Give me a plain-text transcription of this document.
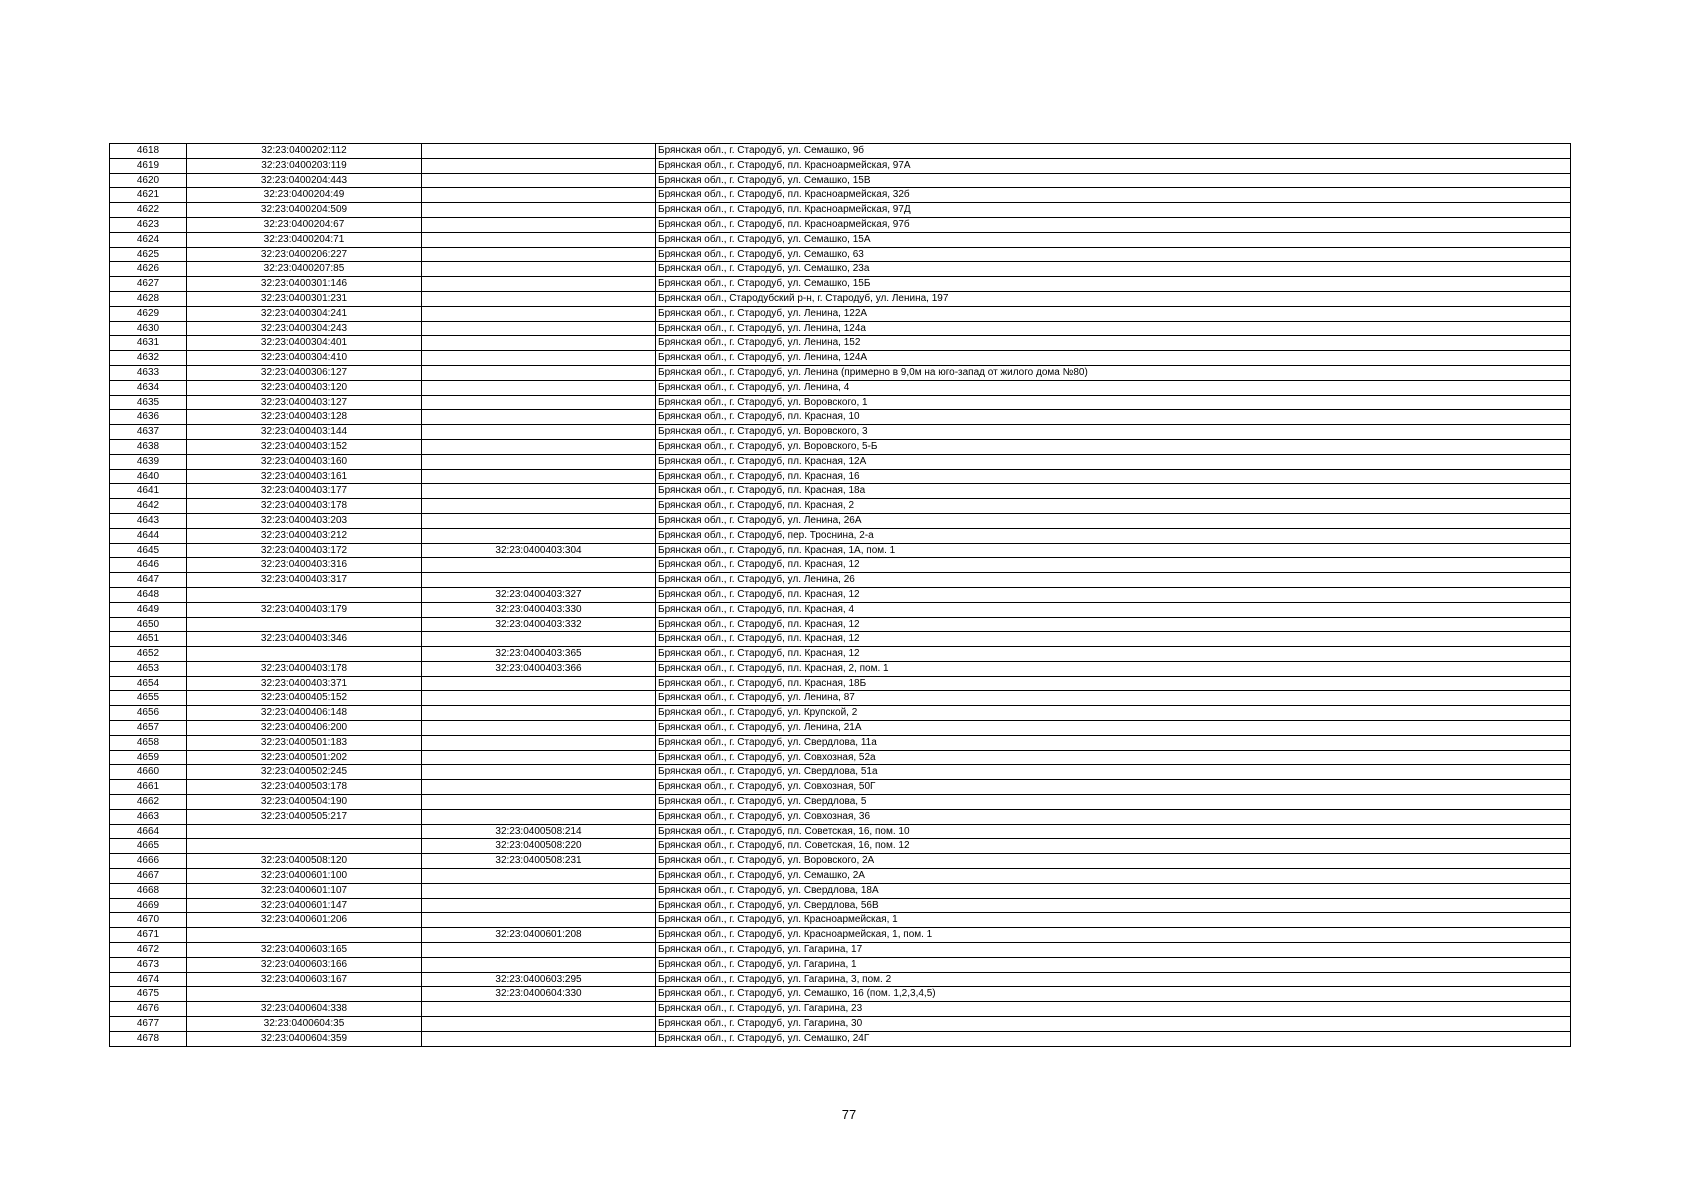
4618	32:23:0400202:112		Брянская обл., г. Стародуб, ул. Семашко, 9б
4619	32:23:0400203:119		Брянская обл., г. Стародуб, пл. Красноармейская, 97А
4620	32:23:0400204:443		Брянская обл., г. Стародуб, ул. Семашко, 15В
4621	32:23:0400204:49		Брянская обл., г. Стародуб, пл. Красноармейская, 32б
4622	32:23:0400204:509		Брянская обл., г. Стародуб, пл. Красноармейская, 97Д
4623	32:23:0400204:67		Брянская обл., г. Стародуб, пл. Красноармейская, 97б
4624	32:23:0400204:71		Брянская обл., г. Стародуб, ул. Семашко, 15А
4625	32:23:0400206:227		Брянская обл., г. Стародуб, ул. Семашко, 63
4626	32:23:0400207:85		Брянская обл., г. Стародуб, ул. Семашко, 23а
4627	32:23:0400301:146		Брянская обл., г. Стародуб, ул. Семашко, 15Б
4628	32:23:0400301:231		Брянская обл., Стародубский р-н, г. Стародуб, ул. Ленина, 197
4629	32:23:0400304:241		Брянская обл., г. Стародуб, ул. Ленина, 122А
4630	32:23:0400304:243		Брянская обл., г. Стародуб, ул. Ленина, 124а
4631	32:23:0400304:401		Брянская обл., г. Стародуб, ул. Ленина, 152
4632	32:23:0400304:410		Брянская обл., г. Стародуб, ул. Ленина, 124А
4633	32:23:0400306:127		Брянская обл., г. Стародуб, ул. Ленина (примерно в 9,0м на юго-запад от жилого дома №80)
4634	32:23:0400403:120		Брянская обл., г. Стародуб, ул. Ленина, 4
4635	32:23:0400403:127		Брянская обл., г. Стародуб, ул. Воровского, 1
4636	32:23:0400403:128		Брянская обл., г. Стародуб, пл. Красная, 10
4637	32:23:0400403:144		Брянская обл., г. Стародуб, ул. Воровского, 3
4638	32:23:0400403:152		Брянская обл., г. Стародуб, ул. Воровского, 5-Б
4639	32:23:0400403:160		Брянская обл., г. Стародуб, пл. Красная, 12А
4640	32:23:0400403:161		Брянская обл., г. Стародуб, пл. Красная, 16
4641	32:23:0400403:177		Брянская обл., г. Стародуб, пл. Красная, 18а
4642	32:23:0400403:178		Брянская обл., г. Стародуб, пл. Красная, 2
4643	32:23:0400403:203		Брянская обл., г. Стародуб, ул. Ленина, 26А
4644	32:23:0400403:212		Брянская обл., г. Стародуб, пер. Троснина, 2-а
4645	32:23:0400403:172	32:23:0400403:304	Брянская обл., г. Стародуб, пл. Красная, 1А, пом. 1
4646	32:23:0400403:316		Брянская обл., г. Стародуб, пл. Красная, 12
4647	32:23:0400403:317		Брянская обл., г. Стародуб, ул. Ленина, 26
4648		32:23:0400403:327	Брянская обл., г. Стародуб, пл. Красная, 12
4649	32:23:0400403:179	32:23:0400403:330	Брянская обл., г. Стародуб, пл. Красная, 4
4650		32:23:0400403:332	Брянская обл., г. Стародуб, пл. Красная, 12
4651	32:23:0400403:346		Брянская обл., г. Стародуб, пл. Красная, 12
4652		32:23:0400403:365	Брянская обл., г. Стародуб, пл. Красная, 12
4653	32:23:0400403:178	32:23:0400403:366	Брянская обл., г. Стародуб, пл. Красная, 2, пом. 1
4654	32:23:0400403:371		Брянская обл., г. Стародуб, пл. Красная, 18Б
4655	32:23:0400405:152		Брянская обл., г. Стародуб, ул. Ленина, 87
4656	32:23:0400406:148		Брянская обл., г. Стародуб, ул. Крупской, 2
4657	32:23:0400406:200		Брянская обл., г. Стародуб, ул. Ленина, 21А
4658	32:23:0400501:183		Брянская обл., г. Стародуб, ул. Свердлова, 11а
4659	32:23:0400501:202		Брянская обл., г. Стародуб, ул. Совхозная, 52а
4660	32:23:0400502:245		Брянская обл., г. Стародуб, ул. Свердлова, 51а
4661	32:23:0400503:178		Брянская обл., г. Стародуб, ул. Совхозная, 50Г
4662	32:23:0400504:190		Брянская обл., г. Стародуб, ул. Свердлова, 5
4663	32:23:0400505:217		Брянская обл., г. Стародуб, ул. Совхозная, 36
4664		32:23:0400508:214	Брянская обл., г. Стародуб, пл. Советская, 16, пом. 10
4665		32:23:0400508:220	Брянская обл., г. Стародуб, пл. Советская, 16, пом. 12
4666	32:23:0400508:120	32:23:0400508:231	Брянская обл., г. Стародуб, ул. Воровского, 2А
4667	32:23:0400601:100		Брянская обл., г. Стародуб, ул. Семашко, 2А
4668	32:23:0400601:107		Брянская обл., г. Стародуб, ул. Свердлова, 18А
4669	32:23:0400601:147		Брянская обл., г. Стародуб, ул. Свердлова, 56В
4670	32:23:0400601:206		Брянская обл., г. Стародуб, ул. Красноармейская, 1
4671		32:23:0400601:208	Брянская обл., г. Стародуб, ул. Красноармейская, 1, пом. 1
4672	32:23:0400603:165		Брянская обл., г. Стародуб, ул. Гагарина, 17
4673	32:23:0400603:166		Брянская обл., г. Стародуб, ул. Гагарина, 1
4674	32:23:0400603:167	32:23:0400603:295	Брянская обл., г. Стародуб, ул. Гагарина, 3, пом. 2
4675		32:23:0400604:330	Брянская обл., г. Стародуб, ул. Семашко, 16 (пом. 1,2,3,4,5)
4676	32:23:0400604:338		Брянская обл., г. Стародуб, ул. Гагарина, 23
4677	32:23:0400604:35		Брянская обл., г. Стародуб, ул. Гагарина, 30
4678	32:23:0400604:359		Брянская обл., г. Стародуб, ул. Семашко, 24Г
77
